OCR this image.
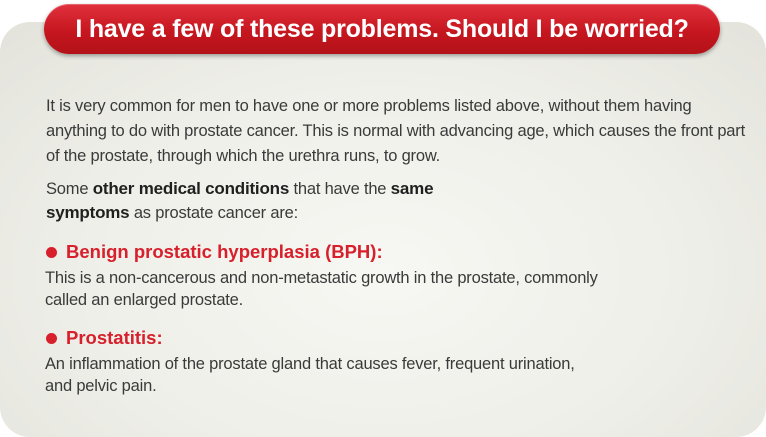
It is very common for men to have one or more problems listed above, without them having anything to do with prostate cancer. This is normal with advancing age, which causes the front part of the prostate, through which the urethra runs, to grow.

Some other medical conditions that have the same symptoms as prostate cancer are:

Benign prostatic hyperplasia (BPH):

This is a non-cancerous and non-metastatic growth in the prostate, commonly called an enlarged prostate.

Prostatitis:

An inflammation of the prostate gland that causes fever, frequent urination, and pelvic pain.

I have a few of these problems. Should I be worried?
